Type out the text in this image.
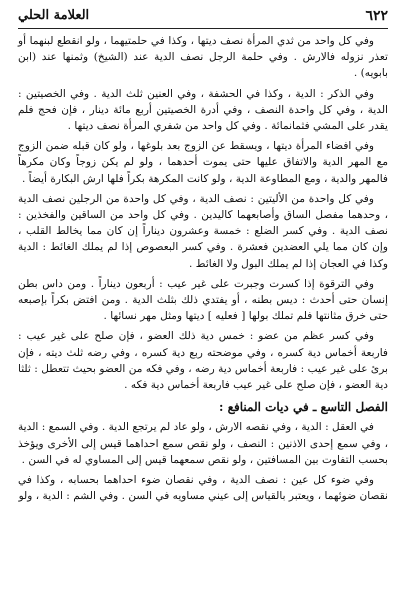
٦٢٢
العلامة الحلي

وفي كل واحد من ثدي المرأة نصف ديتها ، وكذا في حلمتيهما ، ولو انقطع لبنهما أو تعذر نزوله فالارش . وفي حلمة الرجل نصف الدية عند (الشيخ) وثمنها عند (ابن بابويه) .

وفي الذكر : الدية ، وكذا في الحشفة ، وفي العنين ثلث الدية . وفي الخصيتين : الدية ، وفي كل واحدة النصف ، وفي أدرة الخصيتين أربع مائة دينار ، فإن فحج فلم يقدر على المشي فثمانمائة . وفي كل واحد من شفري المرأة نصف ديتها .

وفي افضاء المرأة ديتها ، ويسقط عن الزوج بعد بلوغها ، ولو كان قبله ضمن الزوج مع المهر الدية والاتفاق عليها حتى يموت أحدهما ، ولو لم يكن زوجاً وكان مكرهاً فالمهر والدية ، ومع المطاوعة الدية ، ولو كانت المكرهة بكراً فلها ارش البكارة أيضاً .

وفي كل واحدة من الأليتين : نصف الدية ، وفي كل واحدة من الرجلين نصف الدية ، وحدهما مفصل الساق وأصابعهما كاليدين . وفي كل واحد من الساقين والفخذين : نصف الدية . وفي كسر الضلع : خمسة وعشرون ديناراً إن كان مما يخالط القلب ، وإن كان مما يلي العضدين فعشرة . وفي كسر البعصوص إذا لم يملك الغائط : الدية وكذا في العجان إذا لم يملك البول ولا الغائط .

وفي الترقوة إذا كسرت وجبرت على غير عيب : أربعون ديناراً . ومن داس بطن إنسان حتى أحدث : ديس بطنه ، أو يفتدي ذلك بثلث الدية . ومن افتض بكراً بإصبعه حتى خرق مثانتها فلم تملك بولها [ فعليه ] ديتها ومثل مهر نسائها .

وفي كسر عظم من عضو : خمس دية ذلك العضو ، فإن صلح على غير عيب : فاربعة أخماس دية كسره ، وفي موضحته ربع دية كسره ، وفي رضه ثلث ديته ، فإن برئ على غير عيب : فاربعة أخماس دية رضه ، وفي فكه من العضو بحيث تتعطل : ثلثا دية العضو ، فإن صلح على غير عيب فاربعة أخماس دية فكه .

الفصل التاسع ـ في ديات المنافع :

في العقل : الدية ، وفي نقصه الارش ، ولو عاد لم يرتجع الدية . وفي السمع : الدية ، وفي سمع إحدى الاذنين : النصف ، ولو نقص سمع احداهما قيس إلى الأخرى ويؤخذ بحسب التفاوت بين المسافتين ، ولو نقص سمعهما قيس إلى المساوي له في السن .

وفي ضوء كل عين : نصف الدية ، وفي نقصان ضوء احداهما بحسابه ، وكذا في نقصان ضوئهما ، ويعتبر بالقياس إلى عيني مساويه في السن . وفي الشم : الدية ، ولو
